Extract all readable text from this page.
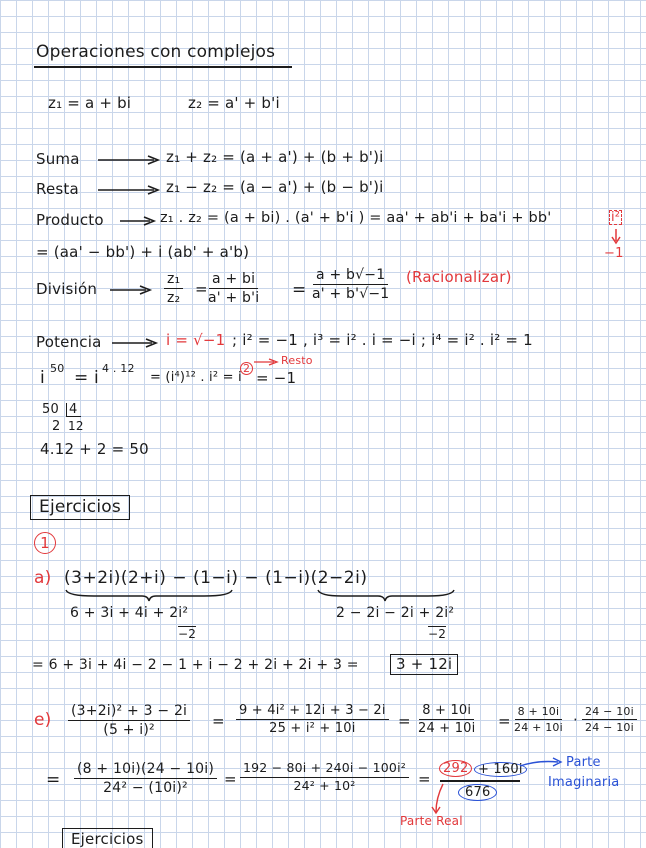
Operaciones con complejos
z₁ = a + bi	z₂ = a' + b'i
Suma	z₁ + z₂ = (a + a') + (b + b')i
Resta	z₁ − z₂ = (a − a') + (b − b')i
Producto	z₁ . z₂ = (a + bi) . (a' + b'i ) = aa' + ab'i + ba'i + bb'	i²
−1
= (aa' − bb') + i (ab' + a'b)
División	$\frac{\text{z₁}}{\text{z₂}} = \frac{a + bi}{a' + b'i} = \frac{a + b√-1}{a' + b'√-1}$ (Racionalizar)
Potencia	i = √−1 ; i² = −1 , i³ = i² . i = −i ; i⁴ = i² . i² = 1
i 50 = i 4 . 12
= (i⁴)¹² . i² = i
2
= −1
Resto
50 4
2 12
4.12 + 2 = 50
Ejercicios
1
a) (3+2i)(2+i) − (1−i) − (1−i)(2−2i)
6 + 3i + 4i + 2i²
−2
2 − 2i − 2i + 2i²
−2
= 6 + 3i + 4i − 2 − 1 + i − 2 + 2i + 2i + 3 =	3 + 12i
$e) \frac{\text{(3+2i)² + 3 − 2i}}{\text{(5 + i)²}} = \frac{\text{9 + 4i² + 12i + 3 − 2i}}{\text{25 + i² + 10i}} = \frac{8 + 10i}{24 + 10i} = \frac{8 + 10i}{24 + 10i} \cdot \frac{24 - 10i}{24 - 10i}$
= $\frac{(8 + 10i)(24 - 10i)}{\text{24² − (10i)²}} = \frac{\text{192 − 80i + 240i − 100i²}}{\text{24² + 10²}}$ =
292 + 160i
676
Parte
Imaginaria
Parte Real
Ejercicios
